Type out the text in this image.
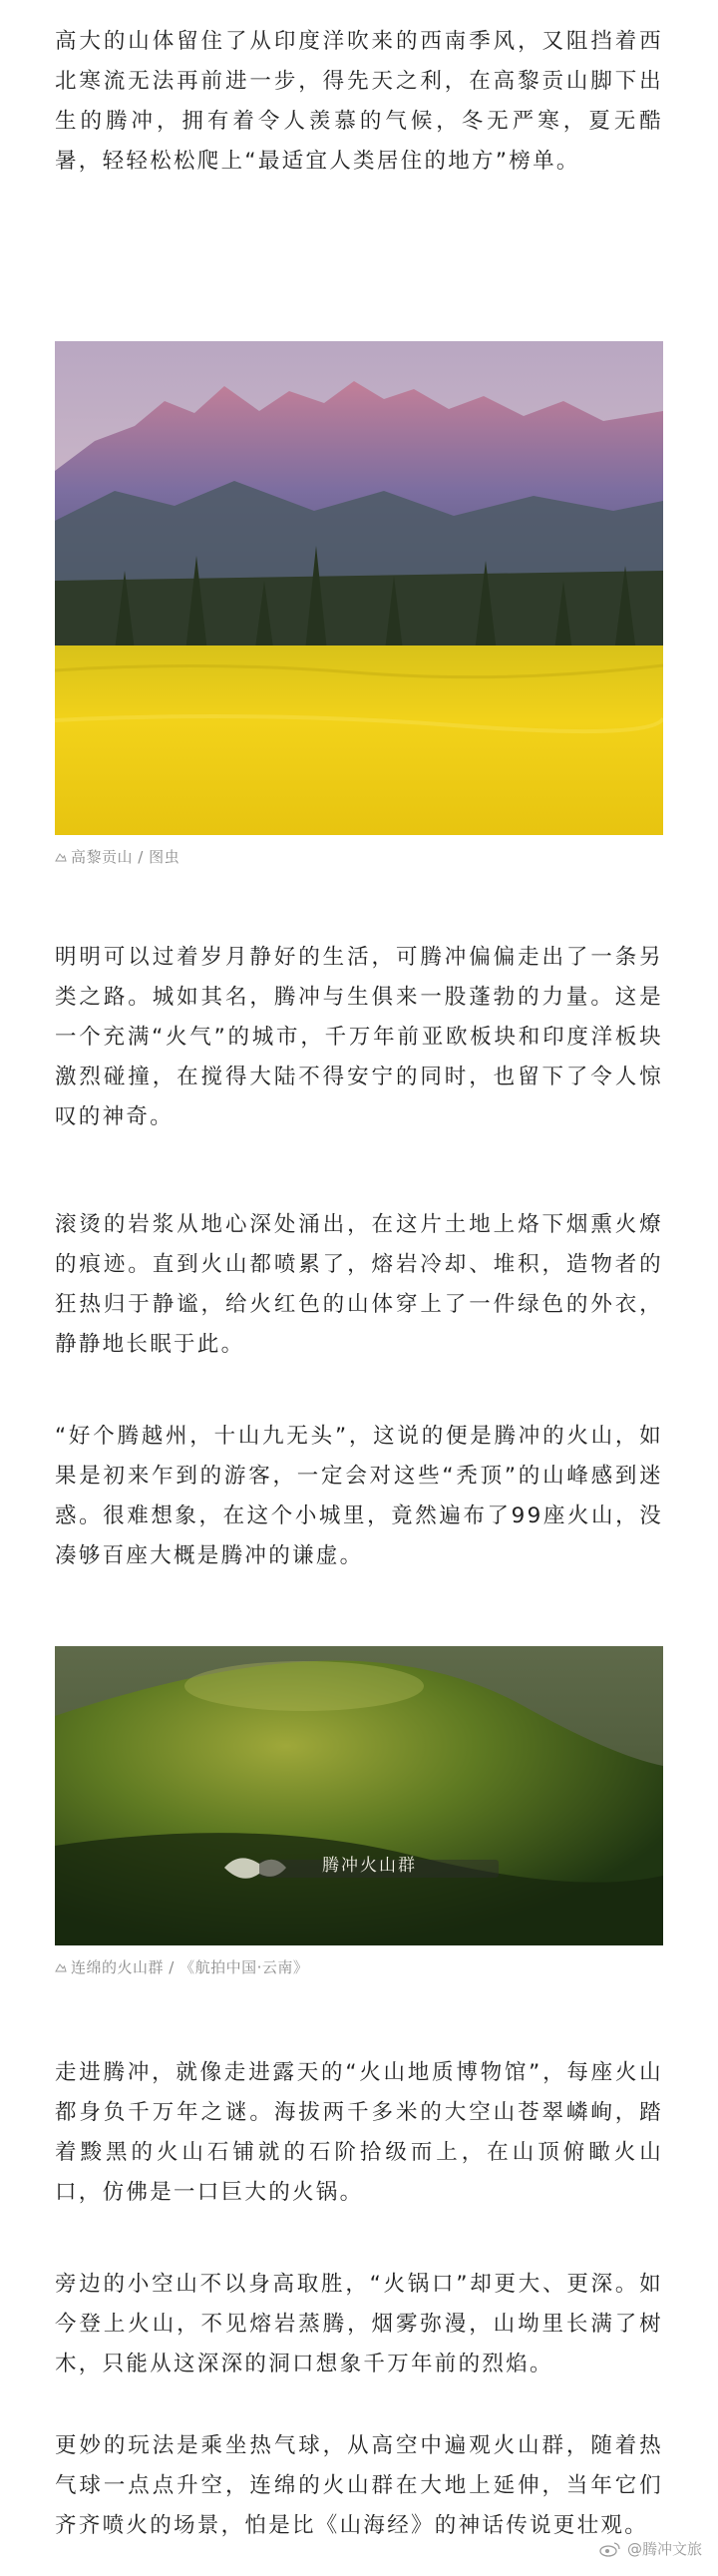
高大的山体留住了从印度洋吹来的西南季风，又阻挡着西北寒流无法再前进一步，得先天之利，在高黎贡山脚下出生的腾冲，拥有着令人羡慕的气候，冬无严寒，夏无酷暑，轻轻松松爬上“最适宜人类居住的地方”榜单。

高黎贡山 / 图虫

明明可以过着岁月静好的生活，可腾冲偏偏走出了一条另类之路。城如其名，腾冲与生俱来一股蓬勃的力量。这是一个充满“火气”的城市，千万年前亚欧板块和印度洋板块激烈碰撞，在搅得大陆不得安宁的同时，也留下了令人惊叹的神奇。

滚烫的岩浆从地心深处涌出，在这片土地上烙下烟熏火燎的痕迹。直到火山都喷累了，熔岩冷却、堆积，造物者的狂热归于静谧，给火红色的山体穿上了一件绿色的外衣，静静地长眠于此。

“好个腾越州，十山九无头”，这说的便是腾冲的火山，如果是初来乍到的游客，一定会对这些“秃顶”的山峰感到迷惑。很难想象，在这个小城里，竟然遍布了99座火山，没凑够百座大概是腾冲的谦虚。

腾冲火山群
连绵的火山群 / 《航拍中国·云南》

走进腾冲，就像走进露天的“火山地质博物馆”，每座火山都身负千万年之谜。海拔两千多米的大空山苍翠嶙峋，踏着黢黑的火山石铺就的石阶拾级而上，在山顶俯瞰火山口，仿佛是一口巨大的火锅。

旁边的小空山不以身高取胜，“火锅口”却更大、更深。如今登上火山，不见熔岩蒸腾，烟雾弥漫，山坳里长满了树木，只能从这深深的洞口想象千万年前的烈焰。

更妙的玩法是乘坐热气球，从高空中遍观火山群，随着热气球一点点升空，连绵的火山群在大地上延伸，当年它们齐齐喷火的场景，怕是比《山海经》的神话传说更壮观。

@腾冲文旅
